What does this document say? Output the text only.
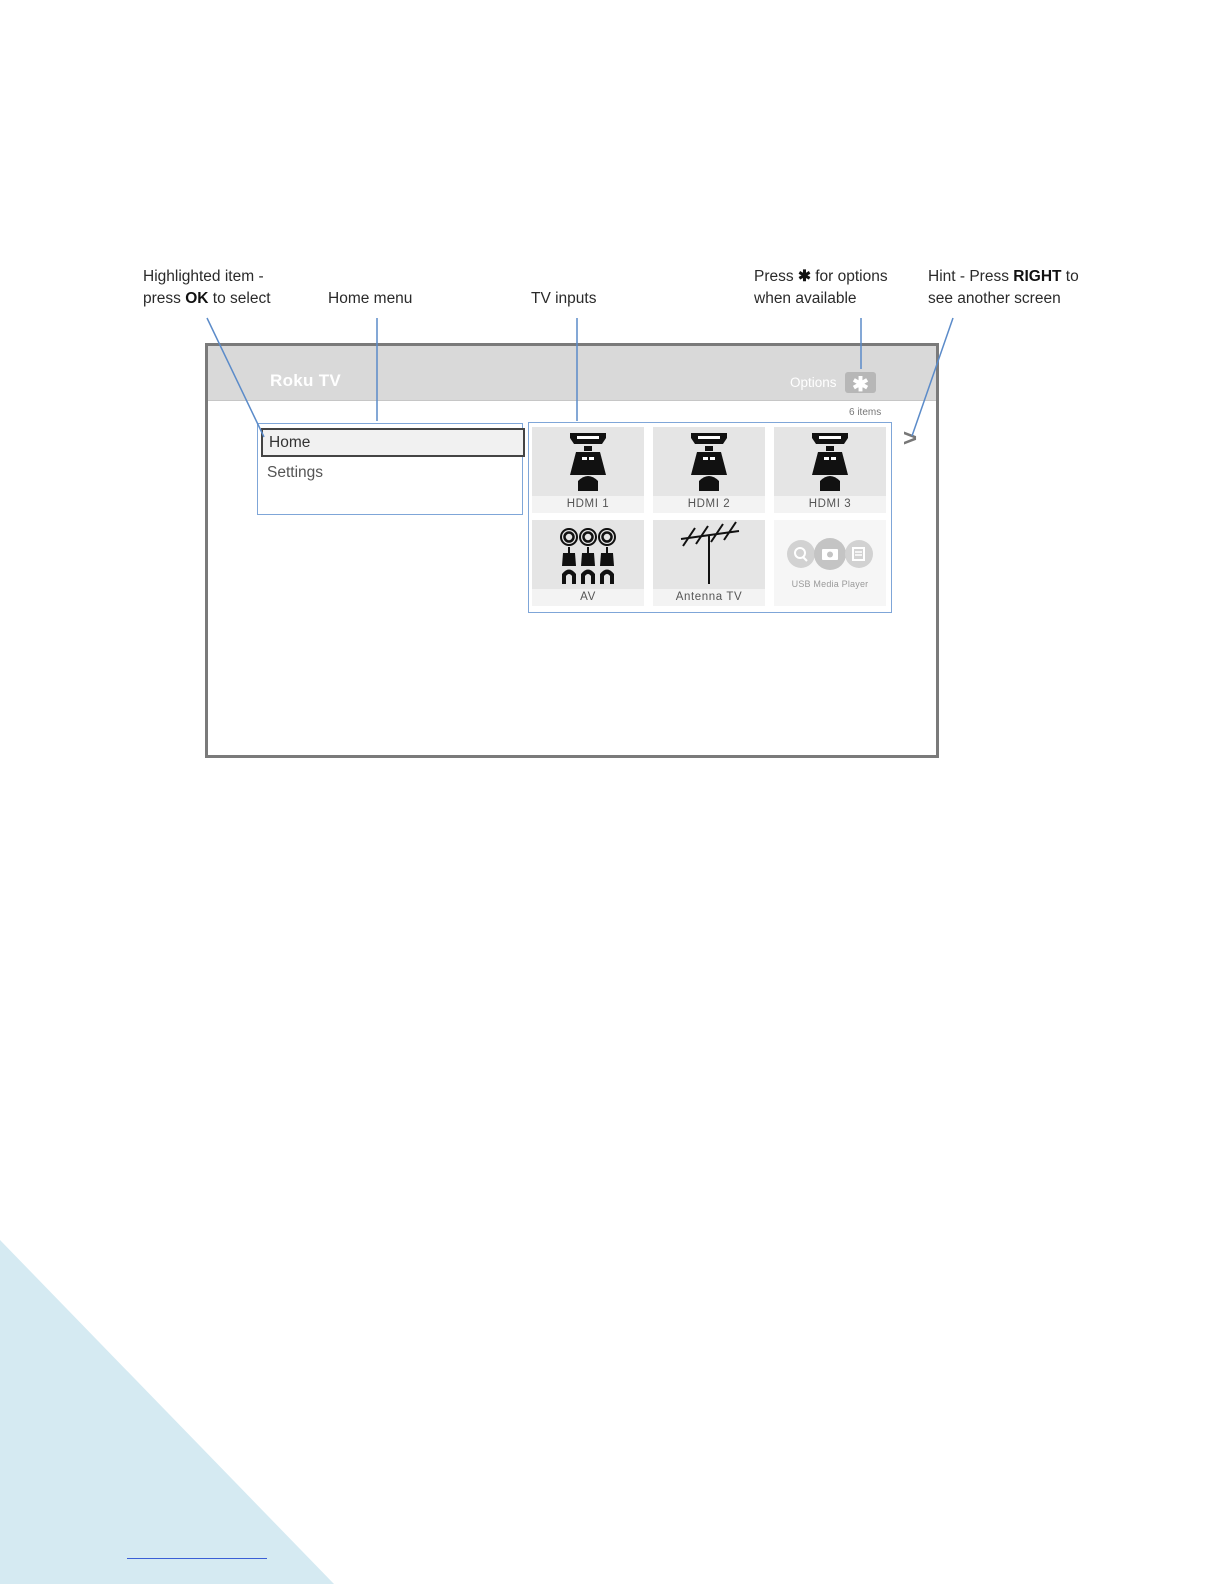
Highlighted item -
press OK to select	Home menu	TV inputs
Press ✱ for options
when available
Hint - Press RIGHT to
see another screen
Roku TV	Options ✱
6 items
Home
Settings
HDMI 1	HDMI 2	HDMI 3
AV	Antenna TV
USB Media Player
>
